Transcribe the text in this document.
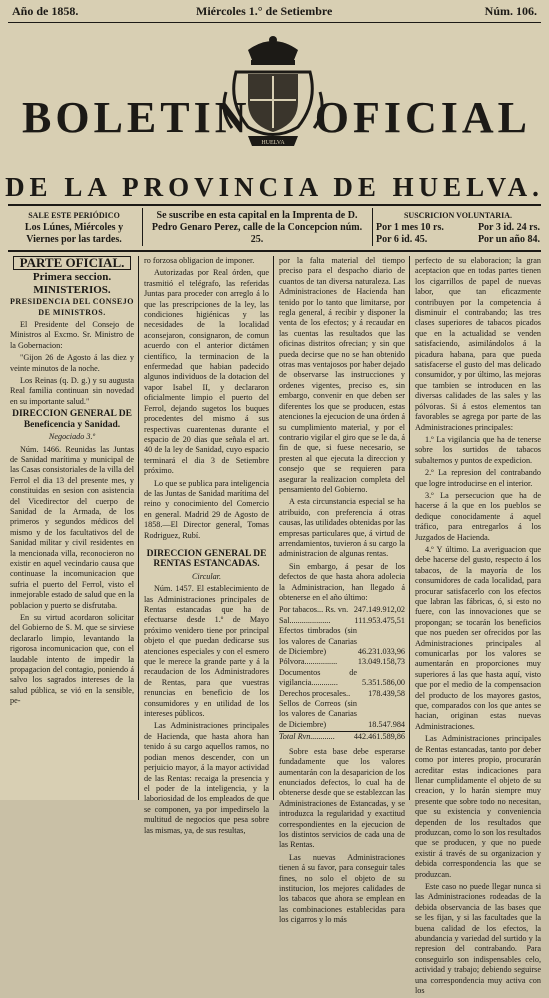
Año de 1858.	Miércoles 1.° de Setiembre	Núm. 106.
HUELVA
BOLETIN OFICIAL
DE LA PROVINCIA DE HUELVA.
SALE ESTE PERIÓDICO
Los Lúnes, Miércoles y Viernes por las tardes.
Se suscribe en esta capital en la Imprenta de D. Pedro Genaro Perez, calle de la Concepcion núm. 25.
SUSCRICION VOLUNTARIA.
Por 1 mes 10 rs.	Por 3 id. 24 rs.
Por 6 id. 45.	Por un año 84.

PARTE OFICIAL.

Primera seccion.

MINISTERIOS.

PRESIDENCIA DEL CONSEJO DE MINISTROS.

El Presidente del Consejo de Ministros al Excmo. Sr. Ministro de la Gobernacion:

"Gijon 26 de Agosto á las diez y veinte minutos de la noche.

Los Reinas (q. D. g.) y su augusta Real familia continuan sin novedad en su importante salud."

DIRECCION GENERAL DE Beneficencia y Sanidad.

Negociado 3.º

Núm. 1466. Reunidas las Juntas de Sanidad marítima y municipal de las Casas consistoriales de la villa del Ferrol el dia 13 del presente mes, y constituidas en sesion con asistencia del Vicedirector del cuerpo de Sanidad de la Armada, de los primeros y segundos médicos del mismo y de los facultativos del de Sanidad militar y civil residentes en la mencionada villa, reconocieron no existir en aquel vecindario causa que continuase la incomunicacion que sufria el puerto del Ferrol, visto el inmejorable estado de salud que en la poblacion y puerto se disfrutaba.

En su virtud acordaron solicitar del Gobierno de S. M. que se sirviese declararlo limpio, levantando la rigorosa incomunicacion que, con el laudable intento de impedir la propagacion del contagio, poniendo á salvo los sagrados intereses de la salud pública, se vió en la sensible, pe-

ro forzosa obligacion de imponer.

Autorizadas por Real órden, que trasmitió el telégrafo, las referidas Juntas para proceder con arreglo á lo que las prescripciones de la ley, las condiciones higiénicas y las necesidades de la localidad aconsejaron, consignaron, de comun acuerdo con el anterior dictámen científico, la terminacion de la enfermedad que habian padecido algunos individuos de la dotacion del vapor Isabel II, y declararon oficialmente limpio el puerto del Ferrol, dejando sugetos los buques procedentes del mismo á sus respectivas cuarentenas durante el espacio de 20 dias que señala el art. 40 de la ley de Sanidad, cuyo espacio terminará el dia 3 de Setiembre próximo.

Lo que se publica para inteligencia de las Juntas de Sanidad marítima del reino y conocimiento del Comercio en general. Madrid 29 de Agosto de 1858.—El Director general, Tomas Rodriguez, Rubí.

DIRECCION GENERAL DE RENTAS ESTANCADAS.

Circular.

Núm. 1457. El establecimiento de las Administraciones principales de Rentas estancadas que ha de efectuarse desde 1.º de Mayo próximo venidero tiene por principal objeto el que puedan dedicarse sus atenciones especiales y con el esmero que le merece la grande parte y á la recaudacion de los Administradores de Rentas, para que vuestras renuncias en beneficio de los consumidores y en utilidad de los intereses públicos.

Las Administraciones principales de Hacienda, que hasta ahora han tenido á su cargo aquellos ramos, no podian menos descender, con un perjuicio mayor, á la mayor actividad de las Rentas: recaiga la presencia y el poder de la inteligencia, y la laboriosidad de los empleados de que se componen, ya por impedirselo la multitud de negocios que pesa sobre las mismas, ya, de sus resultas,

por la falta material del tiempo preciso para el despacho diario de cuantos de tan diversa naturaleza. Las Administraciones de Hacienda han tenido por lo tanto que limitarse, por regla general, á recibir y disponer la venta de los efectos; y á recaudar en las cuentas las resultados que las oficinas distritos ofrecian; y sin que pueda decirse que no se han obtenido otras mas ventajosos por haber dejado de observarse las instrucciones y ordenes vigentes, preciso es, sin embargo, convenir en que deben ser diferentes los que se producen, estas atenciones la ejecucion de una órden á su cumplimiento material, y por el contrario vigilar el giro que se le da, á fin de que, si fuese necesario, se presten al que ejecuta la direccion y consejo que se requieren para asegurar la realizacion completa del pensamiento del Gobierno.

A esta circunstancia especial se ha atribuido, con preferencia á otras causas, las utilidades obtenidas por las empresas particulares que, á virtud de arrendamientos, tuvieron á su cargo la administracion de algunas rentas.

Sin embargo, á pesar de los defectos de que hasta ahora adolecia la Administracion, han llegado á obtenerse en el año último:

Por tabacos... Rs. vn. 247.149.912,02
Sal....................	111.953.475,51
Efectos timbrados (sin los valores de Canarias de Diciembre)	46.231.033,96
Pólvora................	13.049.158,73
Documentos de vigilancia.............	5.351.586,00
Derechos procesales.. 178.439,58
Sellos de Correos (sin los valores de Canarias de Diciembre)	18.547.984
Total Rvn............ 442.461.589,86

Sobre esta base debe esperarse fundadamente que los valores aumentarán con la desaparicion de los enunciados defectos, lo cual ha de obtenerse desde que se establezcan las Administraciones de Estancadas, y se introduzca la regularidad y exactitud correspondientes en la ejecucion de los distintos servicios de cada una de las Rentas.

Las nuevas Administraciones tienen á su favor, para conseguir tales fines, no solo el objeto de su institucion, los mejores calidades de los tabacos que ahora se emplean en las combinaciones establecidas para los cigarros y lo más

perfecto de su elaboracion; la gran aceptacion que en todas partes tienen los cigarrillos de papel de nuevas labor, que tan eficazmente contribuyen por la competencia á disminuir el contrabando; las tres clases superiores de tabacos picados que en la actualidad se venden satisfaciendo, asimilándolos á la picadura habana, para que pueda satisfacerse el gusto del mas delicado consumidor, y por último, las mejoras que tambien se introducen en las diversas calidades de las sales y las pólvoras. Si á estos elementos tan favorables se agrega por parte de las Administraciones principales:

1.º La vigilancia que ha de tenerse sobre los surtidos de tabacos subalternos y puntos de expedicion.

2.º La represion del contrabando que logre introducirse en el interior.

3.º La persecucion que ha de hacerse á la que en los pueblos se dedique conocidamente á aquel tráfico, para entregarlos á los Juzgados de Hacienda.

4.º Y último. La averiguacion que debe hacerse del gusto, respecto á los tabacos, de la mayoría de los consumidores de cada localidad, para procurar satisfacerlo con los efectos que labran las fábricas, ó, si esto no fuere, con las innovaciones que se propongan; se tocarán los beneficios que nos pueden ser ofrecidos por las Administraciones principales al comunicarlas por los valores se aumentarán en proporciones muy superiores á las que hasta aquí, visto que por el medio de la compensacion del producto de los mayores gastos, que, comparados con los que antes se hacian, originan estas nuevas Administraciones.

Las Administraciones principales de Rentas estancadas, tanto por deber como por interes propio, procurarán acreditar estas indicaciones para llenar cumplidamente el objeto de su creacion, y lo harán siempre muy presente que sobre todo no necesitan, que su existencia y conveniencia dependen de los resultados que produzcan, como lo son los resultados que se producen, y que no puede existir á través de su organizacion y debida correspondencia las que se produzcan.

Este caso no puede llegar nunca si las Administraciones rodeadas de la debida observancia de las bases que se les fijan, y si las facultades que la buena calidad de los efectos, la abundancia y variedad del surtido y la represion del contrabando. Para conseguirlo son indispensables celo, actividad y trabajo; debiendo seguirse una correspondencia muy activa con los
